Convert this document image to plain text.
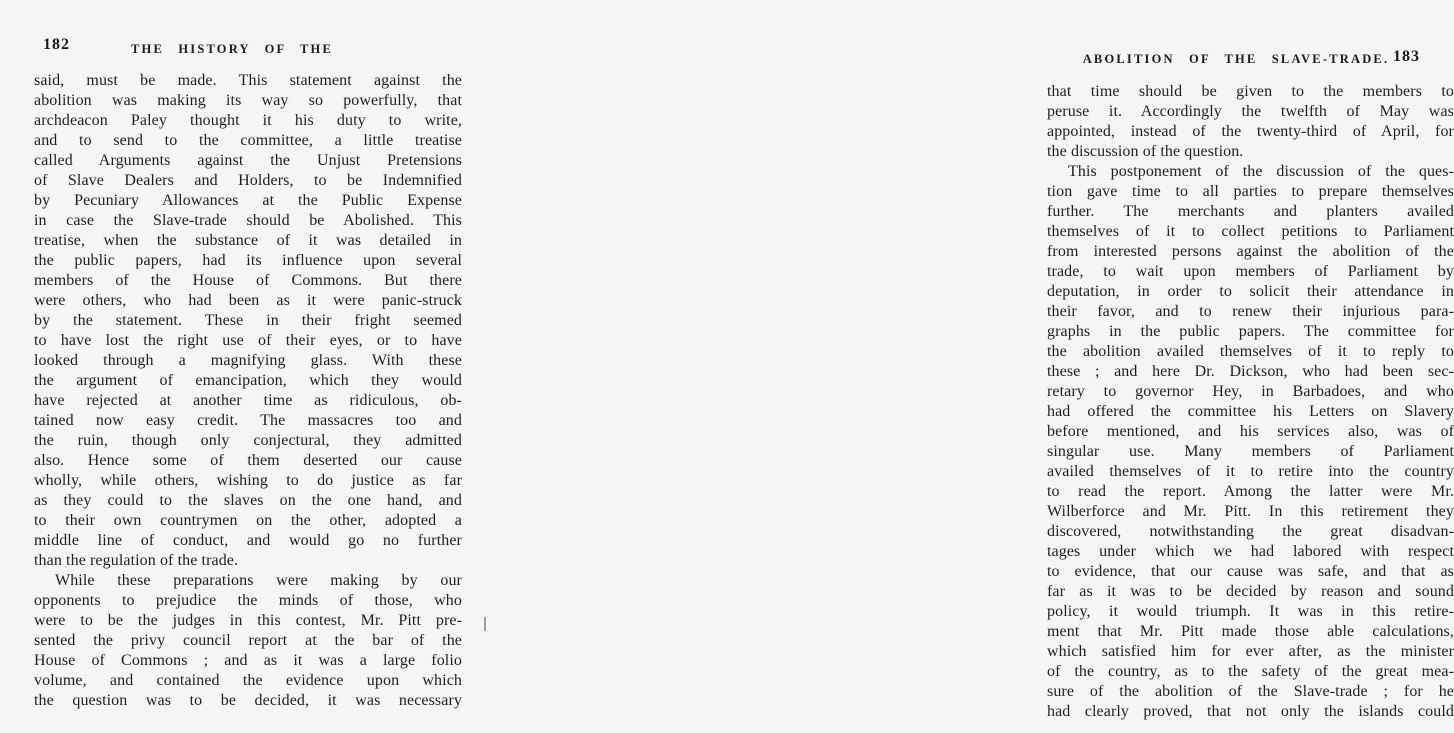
182	THE HISTORY OF THE
said, must be made. This statement against the
abolition was making its way so powerfully, that
archdeacon Paley thought it his duty to write,
and to send to the committee, a little treatise
called Arguments against the Unjust Pretensions
of Slave Dealers and Holders, to be Indemnified
by Pecuniary Allowances at the Public Expense
in case the Slave-trade should be Abolished. This
treatise, when the substance of it was detailed in
the public papers, had its influence upon several
members of the House of Commons. But there
were others, who had been as it were panic-struck
by the statement. These in their fright seemed
to have lost the right use of their eyes, or to have
looked through a magnifying glass. With these
the argument of emancipation, which they would
have rejected at another time as ridiculous, ob-
tained now easy credit. The massacres too and
the ruin, though only conjectural, they admitted
also. Hence some of them deserted our cause
wholly, while others, wishing to do justice as far
as they could to the slaves on the one hand, and
to their own countrymen on the other, adopted a
middle line of conduct, and would go no further
than the regulation of the trade.
While these preparations were making by our
opponents to prejudice the minds of those, who
were to be the judges in this contest, Mr. Pitt pre-
sented the privy council report at the bar of the
House of Commons ; and as it was a large folio
volume, and contained the evidence upon which
the question was to be decided, it was necessary
ABOLITION OF THE SLAVE-TRADE. 183
that time should be given to the members to
peruse it. Accordingly the twelfth of May was
appointed, instead of the twenty-third of April, for
the discussion of the question.
This postponement of the discussion of the ques-
tion gave time to all parties to prepare themselves
further. The merchants and planters availed
themselves of it to collect petitions to Parliament
from interested persons against the abolition of the
trade, to wait upon members of Parliament by
deputation, in order to solicit their attendance in
their favor, and to renew their injurious para-
graphs in the public papers. The committee for
the abolition availed themselves of it to reply to
these ; and here Dr. Dickson, who had been sec-
retary to governor Hey, in Barbadoes, and who
had offered the committee his Letters on Slavery
before mentioned, and his services also, was of
singular use. Many members of Parliament
availed themselves of it to retire into the country
to read the report. Among the latter were Mr.
Wilberforce and Mr. Pitt. In this retirement they
discovered, notwithstanding the great disadvan-
tages under which we had labored with respect
to evidence, that our cause was safe, and that as
far as it was to be decided by reason and sound
policy, it would triumph. It was in this retire-
ment that Mr. Pitt made those able calculations,
which satisfied him for ever after, as the minister
of the country, as to the safety of the great mea-
sure of the abolition of the Slave-trade ; for he
had clearly proved, that not only the islands could
